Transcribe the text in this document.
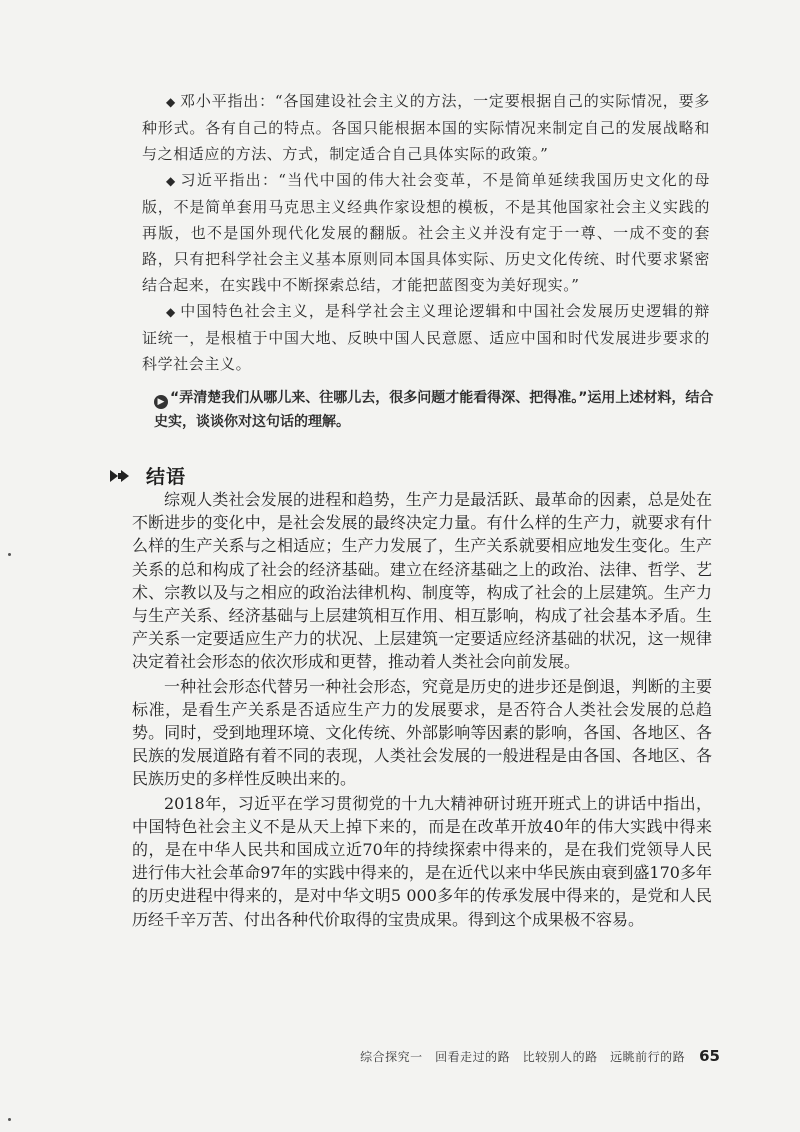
◆ 邓小平指出：“各国建设社会主义的方法，一定要根据自己的实际情况，要多种形式。各有自己的特点。各国只能根据本国的实际情况来制定自己的发展战略和与之相适应的方法、方式，制定适合自己具体实际的政策。”

◆ 习近平指出：“当代中国的伟大社会变革，不是简单延续我国历史文化的母版，不是简单套用马克思主义经典作家设想的模板，不是其他国家社会主义实践的再版，也不是国外现代化发展的翻版。社会主义并没有定于一尊、一成不变的套路，只有把科学社会主义基本原则同本国具体实际、历史文化传统、时代要求紧密结合起来，在实践中不断探索总结，才能把蓝图变为美好现实。”

◆ 中国特色社会主义，是科学社会主义理论逻辑和中国社会发展历史逻辑的辩证统一，是根植于中国大地、反映中国人民意愿、适应中国和时代发展进步要求的科学社会主义。

▶ “弄清楚我们从哪儿来、往哪儿去，很多问题才能看得深、把得准。”运用上述材料，结合史实，谈谈你对这句话的理解。
结语

综观人类社会发展的进程和趋势，生产力是最活跃、最革命的因素，总是处在不断进步的变化中，是社会发展的最终决定力量。有什么样的生产力，就要求有什么样的生产关系与之相适应；生产力发展了，生产关系就要相应地发生变化。生产关系的总和构成了社会的经济基础。建立在经济基础之上的政治、法律、哲学、艺术、宗教以及与之相应的政治法律机构、制度等，构成了社会的上层建筑。生产力与生产关系、经济基础与上层建筑相互作用、相互影响，构成了社会基本矛盾。生产关系一定要适应生产力的状况、上层建筑一定要适应经济基础的状况，这一规律决定着社会形态的依次形成和更替，推动着人类社会向前发展。

一种社会形态代替另一种社会形态，究竟是历史的进步还是倒退，判断的主要标准，是看生产关系是否适应生产力的发展要求，是否符合人类社会发展的总趋势。同时，受到地理环境、文化传统、外部影响等因素的影响，各国、各地区、各民族的发展道路有着不同的表现，人类社会发展的一般进程是由各国、各地区、各民族历史的多样性反映出来的。

2018年，习近平在学习贯彻党的十九大精神研讨班开班式上的讲话中指出，中国特色社会主义不是从天上掉下来的，而是在改革开放40年的伟大实践中得来的，是在中华人民共和国成立近70年的持续探索中得来的，是在我们党领导人民进行伟大社会革命97年的实践中得来的，是在近代以来中华民族由衰到盛170多年的历史进程中得来的，是对中华文明5 000多年的传承发展中得来的，是党和人民历经千辛万苦、付出各种代价取得的宝贵成果。得到这个成果极不容易。

综合探究一　回看走过的路　比较别人的路　远眺前行的路 65
